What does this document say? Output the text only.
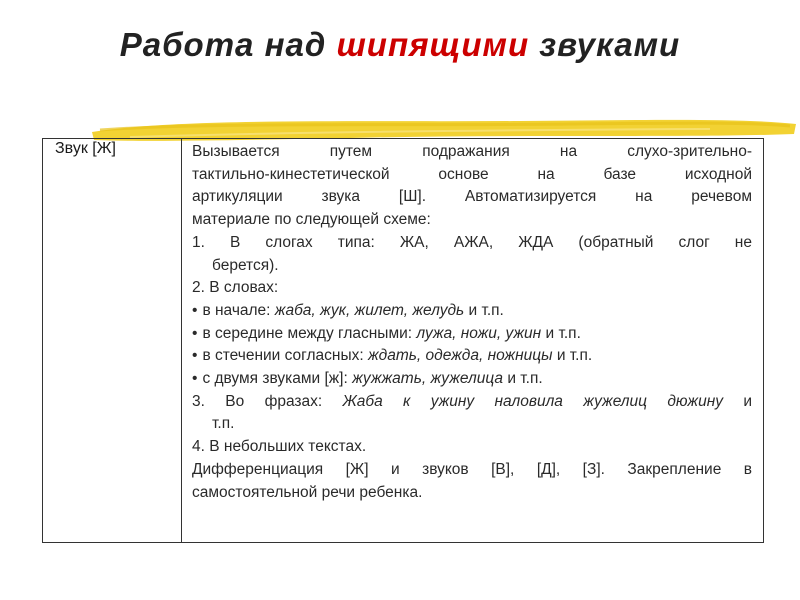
Работа над шипящими звуками
Звук [Ж]	Вызывается путем подражания на слухо-зрительно-
тактильно-кинестетической основе на базе исходной
артикуляции звука [Ш]. Автоматизируется на речевом
материале по следующей схеме:
1. В слогах типа: ЖА, АЖА, ЖДА (обратный слог не
берется).
2. В словах:
• в начале: жаба, жук, жилет, желудь и т.п.
• в середине между гласными: лужа, ножи, ужин и т.п.
• в стечении согласных: ждать, одежда, ножницы и т.п.
• с двумя звуками [ж]: жужжать, жужелица и т.п.
3. Во фразах: Жаба к ужину наловила жужелиц дюжину и
т.п.
4. В небольших текстах.
Дифференциация [Ж] и звуков [В], [Д], [З]. Закрепление в
самостоятельной речи ребенка.
